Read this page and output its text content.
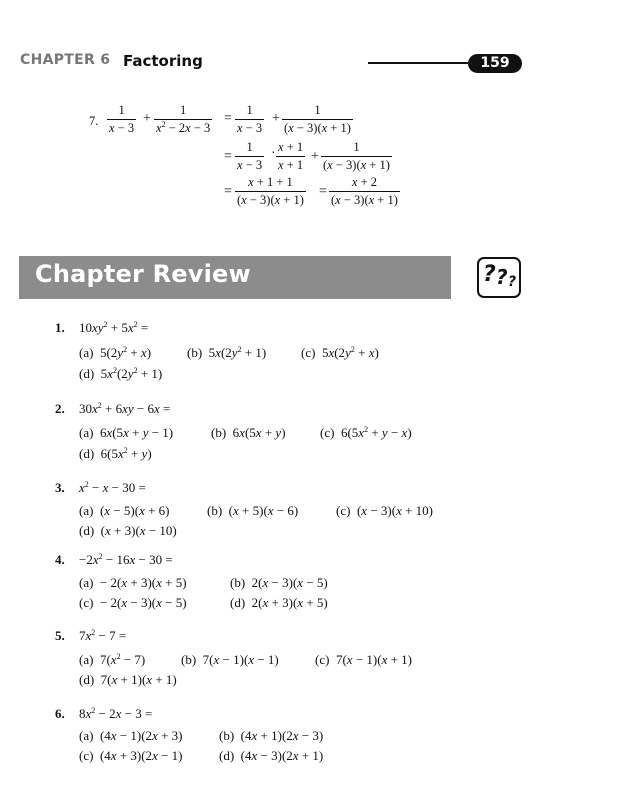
CHAPTER 6 Factoring	159
7. $\frac{1}{x - 3} + \frac{1}{x^2 - 2x - 3} = \frac{1}{x - 3} + \frac{1}{(x - 3)(x + 1)}$
= $\frac{1}{x - 3} \cdot \frac{x + 1}{x + 1} + \frac{1}{(x - 3)(x + 1)}$
= $\frac{x + 1 + 1}{(x - 3)(x + 1)} = \frac{x + 2}{(x - 3)(x + 1)}$
Chapter Review	? ? ?
1. $10xy^2 + 5x^2$ =
(a)  $5(2y^2 + x)$	(b)  $5x(2y^2 + 1)$	(c)  $5x(2y^2 + x)$
(d)  $5x^2(2y^2 + 1)$
2. $30x^2 + 6xy - 6x$ =
(a)  6x(5x + y − 1)	(b)  6x(5x + y)	(c)  $6(5x^2 + y - x)$
(d)  $6(5x^2 + y)$
3. $x^2 - x - 30$ =
(a)  (x − 5)(x + 6)	(b)  (x + 5)(x − 6)	(c)  (x − 3)(x + 10)
(d)  (x + 3)(x − 10)
4. $-2x^2 - 16x - 30$ =
(a)  − 2(x + 3)(x + 5)	(b)  2(x − 3)(x − 5)
(c)  − 2(x − 3)(x − 5)	(d)  2(x + 3)(x + 5)
5. $7x^2 - 7$ =
(a)  $7(x^2 - 7)$	(b)  7(x − 1)(x − 1)	(c)  7(x − 1)(x + 1)
(d)  7(x + 1)(x + 1)
6. $8x^2 - 2x - 3$ =
(a)  (4x − 1)(2x + 3)	(b)  (4x + 1)(2x − 3)
(c)  (4x + 3)(2x − 1)	(d)  (4x − 3)(2x + 1)
